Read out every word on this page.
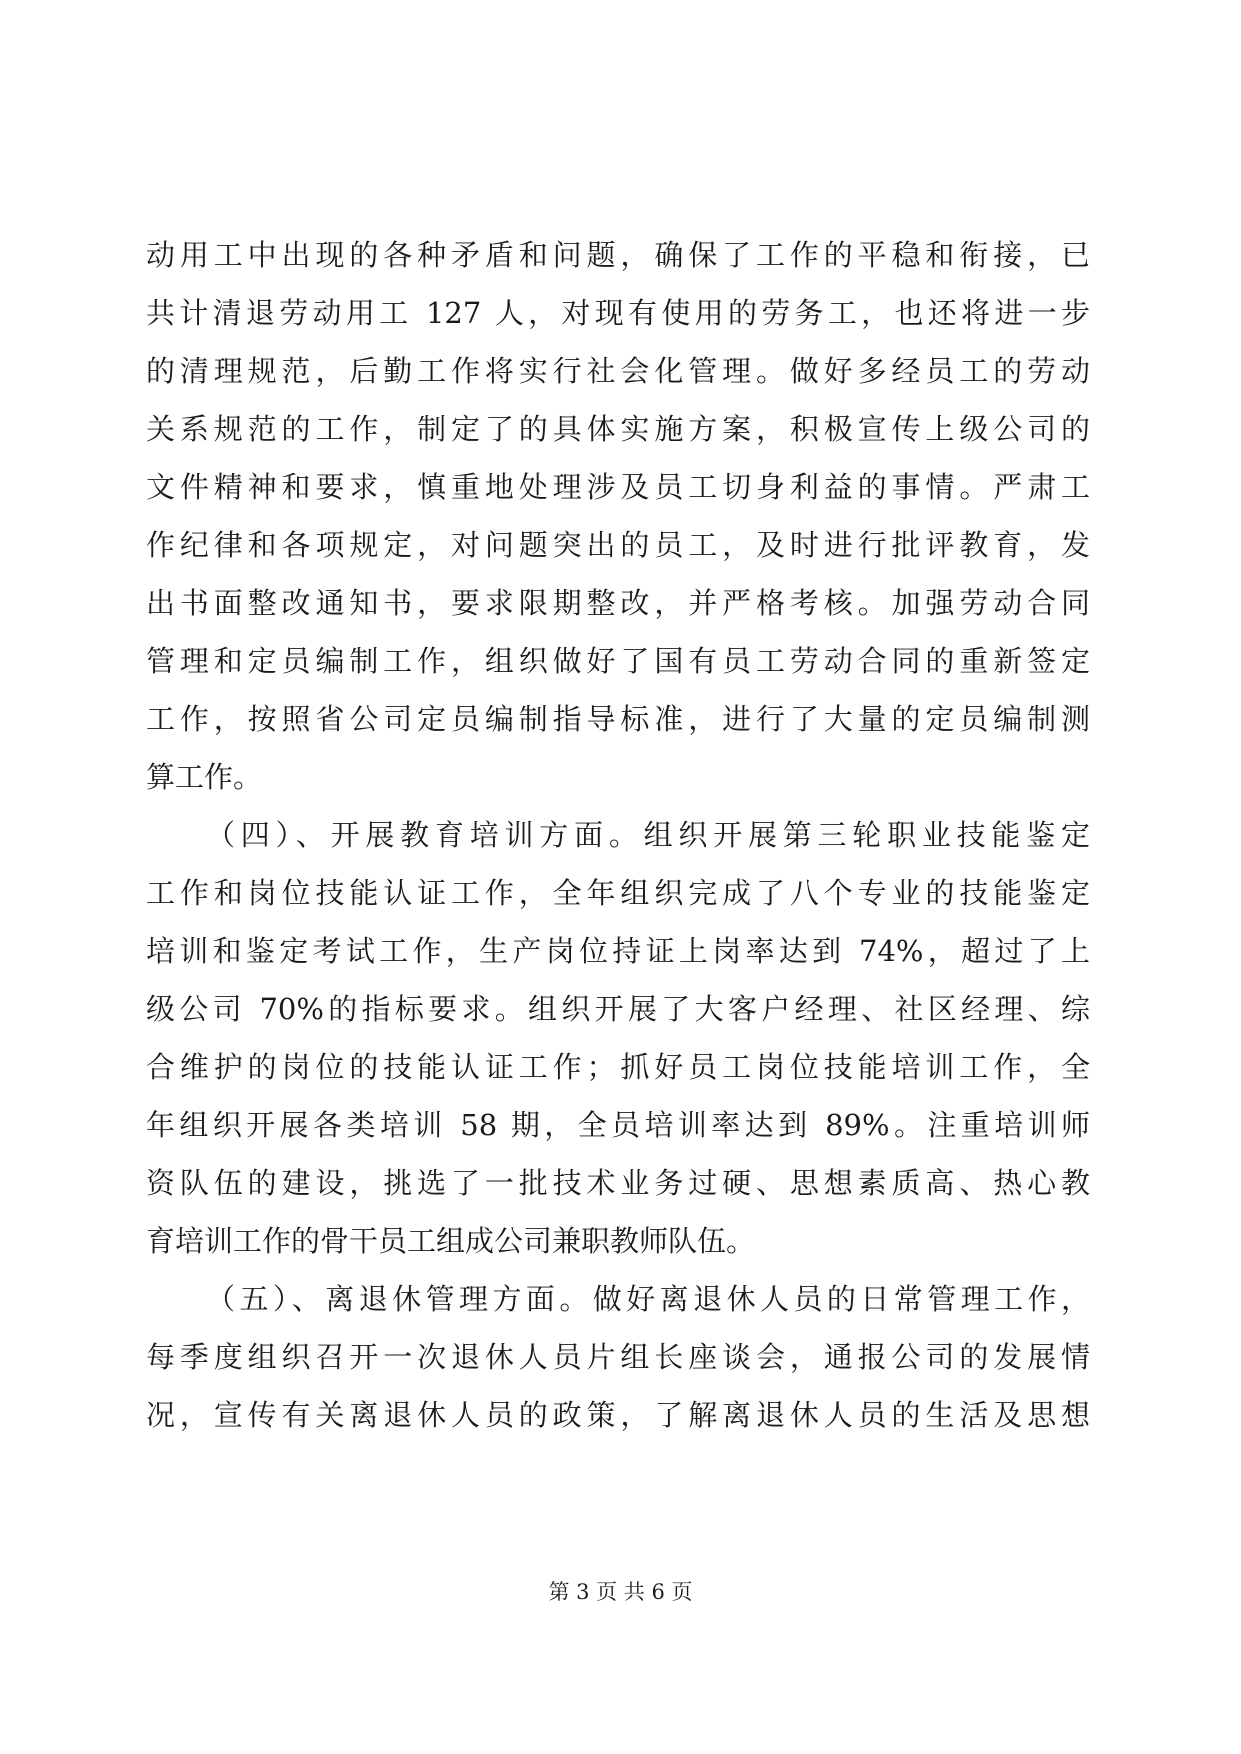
动用工中出现的各种矛盾和问题，确保了工作的平稳和衔接，已
共计清退劳动用工 127 人，对现有使用的劳务工，也还将进一步
的清理规范，后勤工作将实行社会化管理。做好多经员工的劳动
关系规范的工作，制定了的具体实施方案，积极宣传上级公司的
文件精神和要求，慎重地处理涉及员工切身利益的事情。严肃工
作纪律和各项规定，对问题突出的员工，及时进行批评教育，发
出书面整改通知书，要求限期整改，并严格考核。加强劳动合同
管理和定员编制工作，组织做好了国有员工劳动合同的重新签定
工作，按照省公司定员编制指导标准，进行了大量的定员编制测
算工作。
（四）、开展教育培训方面。组织开展第三轮职业技能鉴定
工作和岗位技能认证工作，全年组织完成了八个专业的技能鉴定
培训和鉴定考试工作，生产岗位持证上岗率达到 74%，超过了上
级公司 70%的指标要求。组织开展了大客户经理、社区经理、综
合维护的岗位的技能认证工作；抓好员工岗位技能培训工作，全
年组织开展各类培训 58 期，全员培训率达到 89%。注重培训师
资队伍的建设，挑选了一批技术业务过硬、思想素质高、热心教
育培训工作的骨干员工组成公司兼职教师队伍。
（五）、离退休管理方面。做好离退休人员的日常管理工作，
每季度组织召开一次退休人员片组长座谈会，通报公司的发展情
况，宣传有关离退休人员的政策，了解离退休人员的生活及思想
第 3 页 共 6 页
